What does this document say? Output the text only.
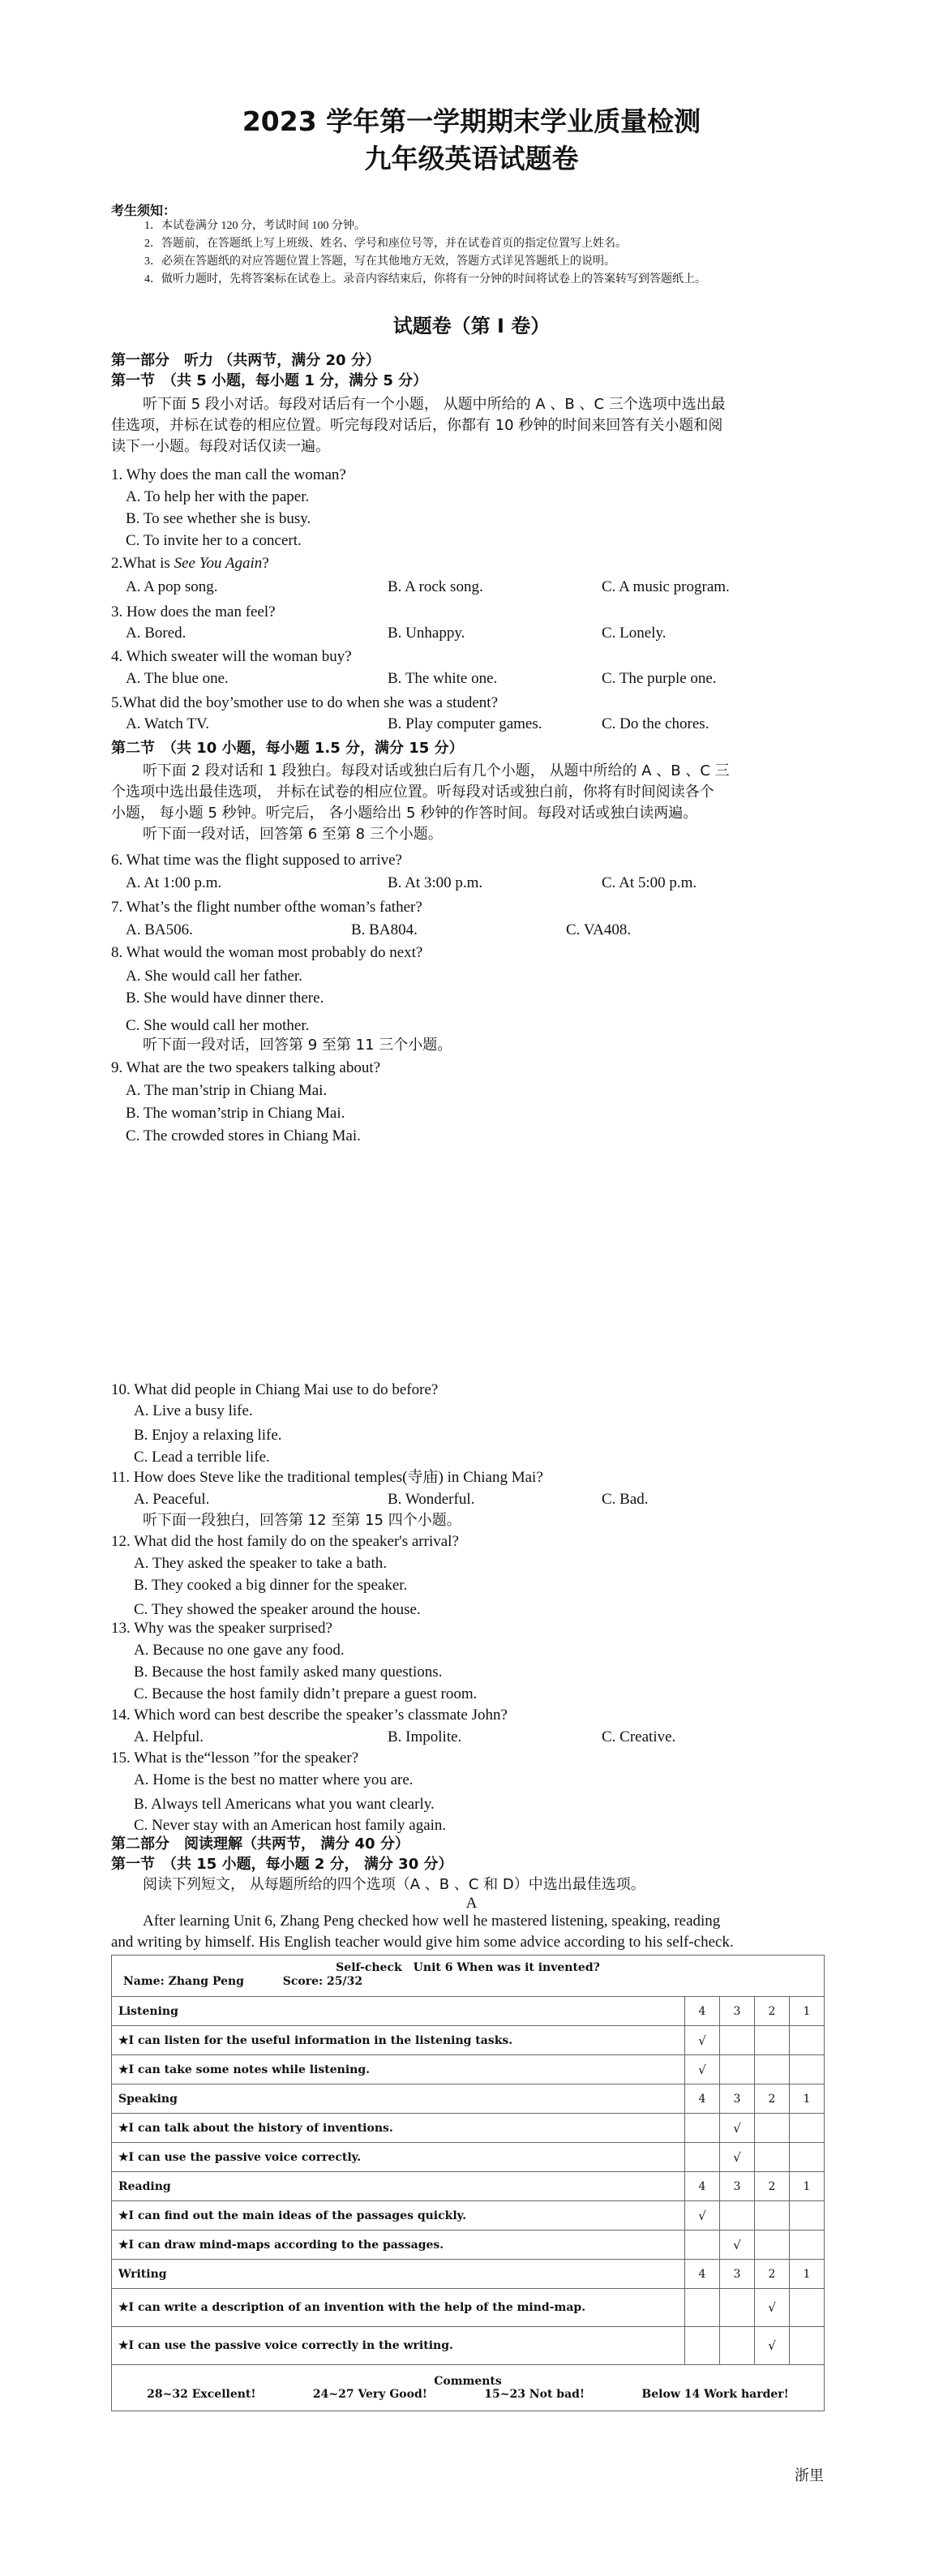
2023 学年第一学期期末学业质量检测
九年级英语试题卷
考生须知：
1．本试卷满分 120 分，考试时间 100 分钟。
2．答题前，在答题纸上写上班级、姓名、学号和座位号等，并在试卷首页的指定位置写上姓名。
3．必须在答题纸的对应答题位置上答题，写在其他地方无效，答题方式详见答题纸上的说明。
4．做听力题时，先将答案标在试卷上。录音内容结束后，你将有一分钟的时间将试卷上的答案转写到答题纸上。
试题卷（第 I 卷）
第一部分　听力 （共两节，满分 20 分）
第一节　（共 5 小题，每小题 1 分，满分 5 分）
听下面 5 段小对话。每段对话后有一个小题， 从题中所给的 A 、B 、C 三个选项中选出最
佳选项，并标在试卷的相应位置。听完每段对话后，你都有 10 秒钟的时间来回答有关小题和阅
读下一小题。每段对话仅读一遍。
1. Why does the man call the woman?
A. To help her with the paper.
B. To see whether she is busy.
C. To invite her to a concert.
2.What is See You Again?
A. A pop song.	B. A rock song.	C. A music program.
3. How does the man feel?
A. Bored.	B. Unhappy.	C. Lonely.
4. Which sweater will the woman buy?
A. The blue one.	B. The white one.	C. The purple one.
5.What did the boy’smother use to do when she was a student?
A. Watch TV.	B. Play computer games.	C. Do the chores.
第二节　（共 10 小题，每小题 1.5 分，满分 15 分）
听下面 2 段对话和 1 段独白。每段对话或独白后有几个小题， 从题中所给的 A 、B 、C 三
个选项中选出最佳选项， 并标在试卷的相应位置。听每段对话或独白前，你将有时间阅读各个
小题， 每小题 5 秒钟。听完后， 各小题给出 5 秒钟的作答时间。每段对话或独白读两遍。
听下面一段对话，回答第 6 至第 8 三个小题。
6. What time was the flight supposed to arrive?
A. At 1:00 p.m.	B. At 3:00 p.m.	C. At 5:00 p.m.
7. What’s the flight number ofthe woman’s father?
A. BA506.	B. BA804.	C. VA408.
8. What would the woman most probably do next?
A. She would call her father.
B. She would have dinner there.
C. She would call her mother.
听下面一段对话，回答第 9 至第 11 三个小题。
9. What are the two speakers talking about?
A. The man’strip in Chiang Mai.
B. The woman’strip in Chiang Mai.
C. The crowded stores in Chiang Mai.
10. What did people in Chiang Mai use to do before?
A. Live a busy life.
B. Enjoy a relaxing life.
C. Lead a terrible life.
11. How does Steve like the traditional temples(寺庙) in Chiang Mai?
A. Peaceful.	B. Wonderful.	C. Bad.
听下面一段独白，回答第 12 至第 15 四个小题。
12. What did the host family do on the speaker's arrival?
A. They asked the speaker to take a bath.
B. They cooked a big dinner for the speaker.
C. They showed the speaker around the house.
13. Why was the speaker surprised?
A. Because no one gave any food.
B. Because the host family asked many questions.
C. Because the host family didn’t prepare a guest room.
14. Which word can best describe the speaker’s classmate John?
A. Helpful.	B. Impolite.	C. Creative.
15. What is the“lesson ”for the speaker?
A. Home is the best no matter where you are.
B. Always tell Americans what you want clearly.
C. Never stay with an American host family again.
第二部分　阅读理解（共两节， 满分 40 分）
第一节　（共 15 小题，每小题 2 分， 满分 30 分）
阅读下列短文， 从每题所给的四个选项（A 、B 、C 和 D）中选出最佳选项。
A
After learning Unit 6, Zhang Peng checked how well he mastered listening, speaking, reading
and writing by himself. His English teacher would give him some advice according to his self-check.
Self-check　Unit 6 When was it invented?
Name: Zhang Peng Score: 25/32				

Listening	4	3	2	1
★I can listen for the useful information in the listening tasks.	√			
★I can take some notes while listening.	√			
Speaking	4	3	2	1
★I can talk about the history of inventions.		√		
★I can use the passive voice correctly.		√		
Reading	4	3	2	1
★I can find out the main ideas of the passages quickly.	√			
★I can draw mind-maps according to the passages.		√		
Writing	4	3	2	1
★I can write a description of an invention with the help of the mind-map.			√	
★I can use the passive voice correctly in the writing.			√	

Comments
28~32 Excellent! 24~27 Very Good! 15~23 Not bad! Below 14 Work harder!				
浙里
